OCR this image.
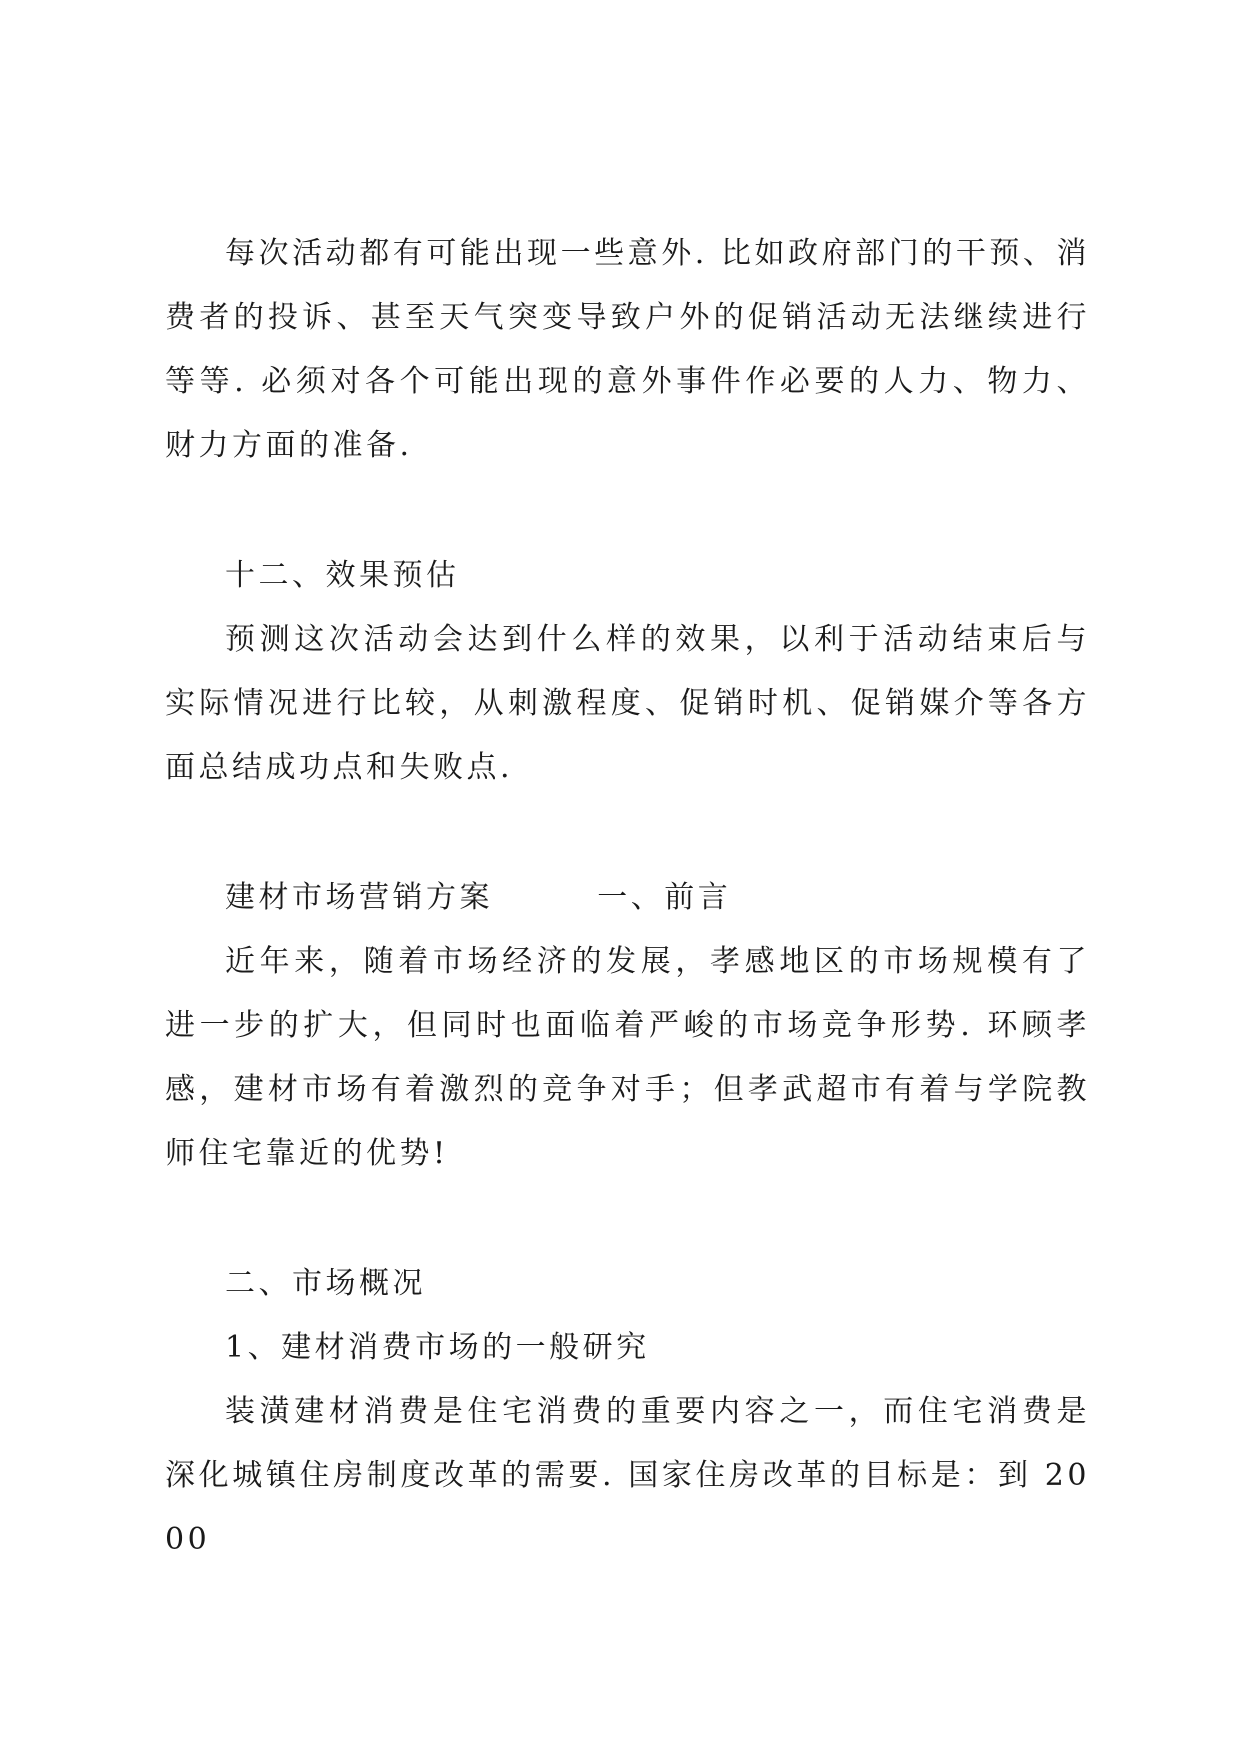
每次活动都有可能出现一些意外. 比如政府部门的干预、消费者的投诉、甚至天气突变导致户外的促销活动无法继续进行等等. 必须对各个可能出现的意外事件作必要的人力、物力、财力方面的准备.

十二、效果预估

预测这次活动会达到什么样的效果，以利于活动结束后与实际情况进行比较，从刺激程度、促销时机、促销媒介等各方面总结成功点和失败点.

建材市场营销方案        一、前言

近年来，随着市场经济的发展，孝感地区的市场规模有了进一步的扩大，但同时也面临着严峻的市场竞争形势. 环顾孝感，建材市场有着激烈的竞争对手；但孝武超市有着与学院教师住宅靠近的优势!

二、市场概况

1、建材消费市场的一般研究

装潢建材消费是住宅消费的重要内容之一，而住宅消费是深化城镇住房制度改革的需要. 国家住房改革的目标是：到 2000
